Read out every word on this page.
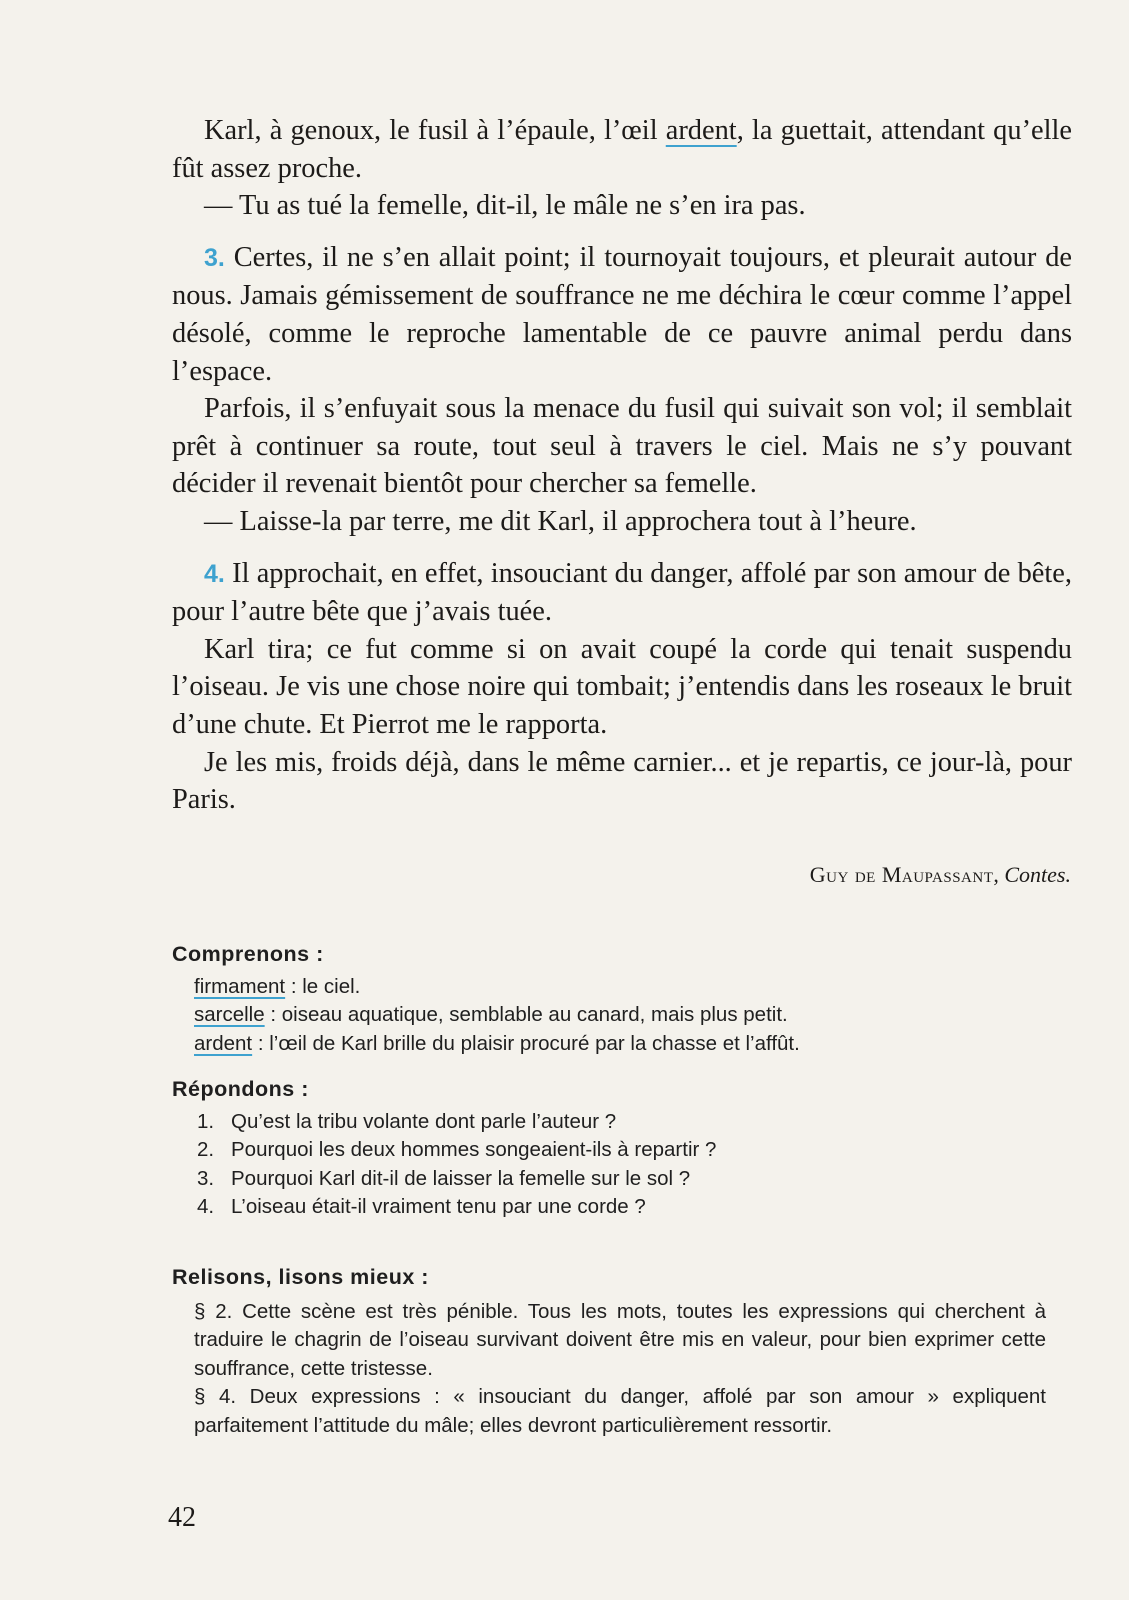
Karl, à genoux, le fusil à l’épaule, l’œil ardent, la guettait, attendant qu’elle fût assez proche.

— Tu as tué la femelle, dit-il, le mâle ne s’en ira pas.

3. Certes, il ne s’en allait point; il tournoyait toujours, et pleurait autour de nous. Jamais gémissement de souffrance ne me déchira le cœur comme l’appel désolé, comme le reproche lamentable de ce pauvre animal perdu dans l’espace.

Parfois, il s’enfuyait sous la menace du fusil qui suivait son vol; il semblait prêt à continuer sa route, tout seul à travers le ciel. Mais ne s’y pouvant décider il revenait bientôt pour chercher sa femelle.

— Laisse-la par terre, me dit Karl, il approchera tout à l’heure.

4. Il approchait, en effet, insouciant du danger, affolé par son amour de bête, pour l’autre bête que j’avais tuée.

Karl tira; ce fut comme si on avait coupé la corde qui tenait suspendu l’oiseau. Je vis une chose noire qui tombait; j’entendis dans les roseaux le bruit d’une chute. Et Pierrot me le rapporta.

Je les mis, froids déjà, dans le même carnier... et je repartis, ce jour-là, pour Paris.

Guy de Maupassant, Contes.

Comprenons :

firmament : le ciel.
sarcelle : oiseau aquatique, semblable au canard, mais plus petit.
ardent : l’œil de Karl brille du plaisir procuré par la chasse et l’affût.

Répondons :

1. Qu’est la tribu volante dont parle l’auteur ?
2. Pourquoi les deux hommes songeaient-ils à repartir ?
3. Pourquoi Karl dit-il de laisser la femelle sur le sol ?
4. L’oiseau était-il vraiment tenu par une corde ?

Relisons, lisons mieux :

§ 2. Cette scène est très pénible. Tous les mots, toutes les expressions qui cherchent à traduire le chagrin de l’oiseau survivant doivent être mis en valeur, pour bien exprimer cette souffrance, cette tristesse.

§ 4. Deux expressions : « insouciant du danger, affolé par son amour » expliquent parfaitement l’attitude du mâle; elles devront particulièrement ressortir.

42
